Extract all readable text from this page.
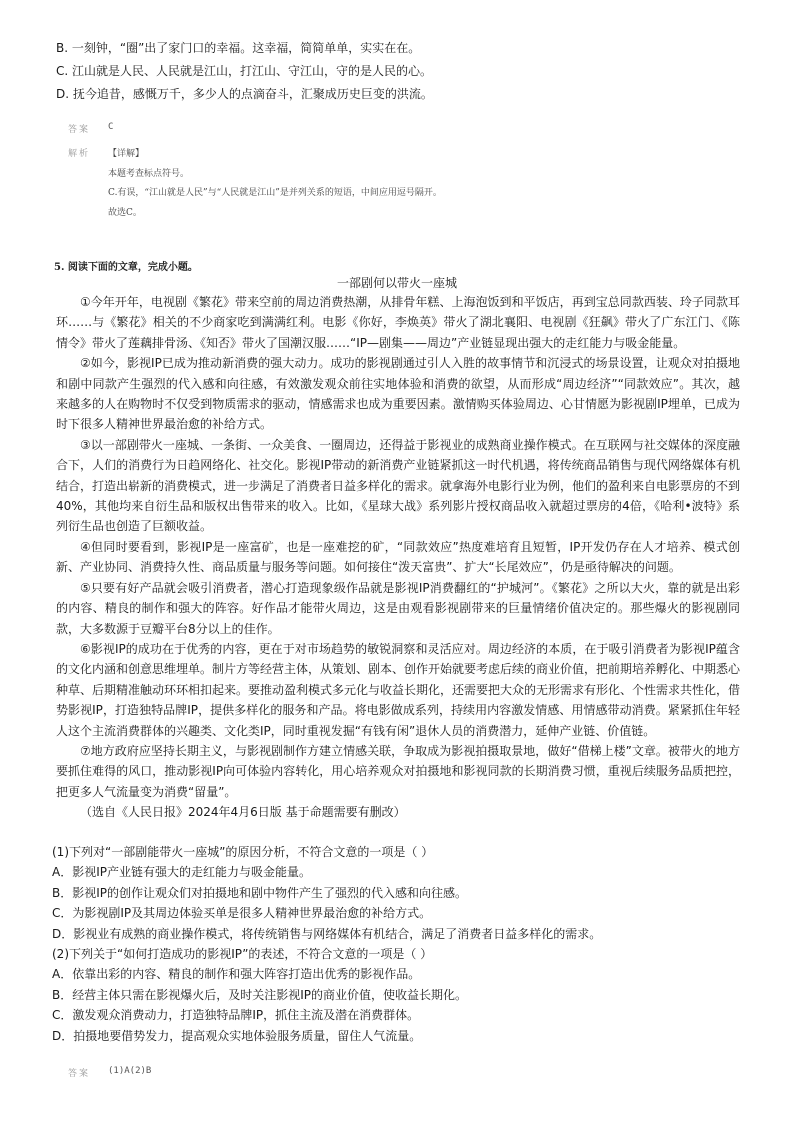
B. 一刻钟，“圈”出了家门口的幸福。这幸福，简简单单，实实在在。
C. 江山就是人民、人民就是江山，打江山、守江山，守的是人民的心。
D. 抚今追昔，感慨万千，多少人的点滴奋斗，汇聚成历史巨变的洪流。
答案 C
解析 【详解】
本题考查标点符号。
C.有误，“江山就是人民”与“人民就是江山”是并列关系的短语，中间应用逗号隔开。
故选C。
5. 阅读下面的文章，完成小题。
一部剧何以带火一座城

①今年开年，电视剧《繁花》带来空前的周边消费热潮，从排骨年糕、上海泡饭到和平饭店，再到宝总同款西装、玲子同款耳环……与《繁花》相关的不少商家吃到满满红利。电影《你好，李焕英》带火了湖北襄阳、电视剧《狂飙》带火了广东江门、《陈情令》带火了莲藕排骨汤、《知否》带火了国潮汉服……“IP—剧集——周边”产业链显现出强大的走红能力与吸金能量。

②如今，影视IP已成为推动新消费的强大动力。成功的影视剧通过引人入胜的故事情节和沉浸式的场景设置，让观众对拍摄地和剧中同款产生强烈的代入感和向往感，有效激发观众前往实地体验和消费的欲望，从而形成“周边经济”“同款效应”。其次，越来越多的人在购物时不仅受到物质需求的驱动，情感需求也成为重要因素。激情购买体验周边、心甘情愿为影视剧IP埋单，已成为时下很多人精神世界最治愈的补给方式。

③以一部剧带火一座城、一条街、一众美食、一圈周边，还得益于影视业的成熟商业操作模式。在互联网与社交媒体的深度融合下，人们的消费行为日趋网络化、社交化。影视IP带动的新消费产业链紧抓这一时代机遇，将传统商品销售与现代网络媒体有机结合，打造出崭新的消费模式，进一步满足了消费者日益多样化的需求。就拿海外电影行业为例，他们的盈利来自电影票房的不到40%，其他均来自衍生品和版权出售带来的收入。比如，《星球大战》系列影片授权商品收入就超过票房的4倍，《哈利•波特》系列衍生品也创造了巨额收益。

④但同时要看到，影视IP是一座富矿，也是一座难挖的矿，“同款效应”热度难培育且短暂，IP开发仍存在人才培养、模式创新、产业协同、消费持久性、商品质量与服务等问题。如何接住“泼天富贵”、扩大“长尾效应”，仍是亟待解决的问题。

⑤只要有好产品就会吸引消费者，潜心打造现象级作品就是影视IP消费翻红的“护城河”。《繁花》之所以大火，靠的就是出彩的内容、精良的制作和强大的阵容。好作品才能带火周边，这是由观看影视剧带来的巨量情绪价值决定的。那些爆火的影视剧同款，大多数源于豆瓣平台8分以上的佳作。

⑥影视IP的成功在于优秀的内容，更在于对市场趋势的敏锐洞察和灵活应对。周边经济的本质，在于吸引消费者为影视IP蕴含的文化内涵和创意思维埋单。制片方等经营主体，从策划、剧本、创作开始就要考虑后续的商业价值，把前期培养孵化、中期悉心种草、后期精准触动环环相扣起来。要推动盈利模式多元化与收益长期化，还需要把大众的无形需求有形化、个性需求共性化，借势影视IP，打造独特品牌IP，提供多样化的服务和产品。将电影做成系列，持续用内容激发情感、用情感带动消费。紧紧抓住年轻人这个主流消费群体的兴趣类、文化类IP，同时重视发掘“有钱有闲”退休人员的消费潜力，延伸产业链、价值链。

⑦地方政府应坚持长期主义，与影视剧制作方建立情感关联，争取成为影视拍摄取景地，做好“借梯上楼”文章。被带火的地方要抓住难得的风口，推动影视IP向可体验内容转化，用心培养观众对拍摄地和影视同款的长期消费习惯，重视后续服务品质把控，把更多人气流量变为消费“留量”。

（选自《人民日报》2024年4月6日版 基于命题需要有删改）

(1)下列对“一部剧能带火一座城”的原因分析，不符合文意的一项是（ ）
A．影视IP产业链有强大的走红能力与吸金能量。
B．影视IP的创作让观众们对拍摄地和剧中物件产生了强烈的代入感和向往感。
C．为影视剧IP及其周边体验买单是很多人精神世界最治愈的补给方式。
D．影视业有成熟的商业操作模式，将传统销售与网络媒体有机结合，满足了消费者日益多样化的需求。
(2)下列关于“如何打造成功的影视IP”的表述，不符合文意的一项是（ ）
A．依靠出彩的内容、精良的制作和强大阵容打造出优秀的影视作品。
B．经营主体只需在影视爆火后，及时关注影视IP的商业价值，使收益长期化。
C．激发观众消费动力，打造独特品牌IP，抓住主流及潜在消费群体。
D．拍摄地要借势发力，提高观众实地体验服务质量，留住人气流量。
答案 (1)A(2)B
